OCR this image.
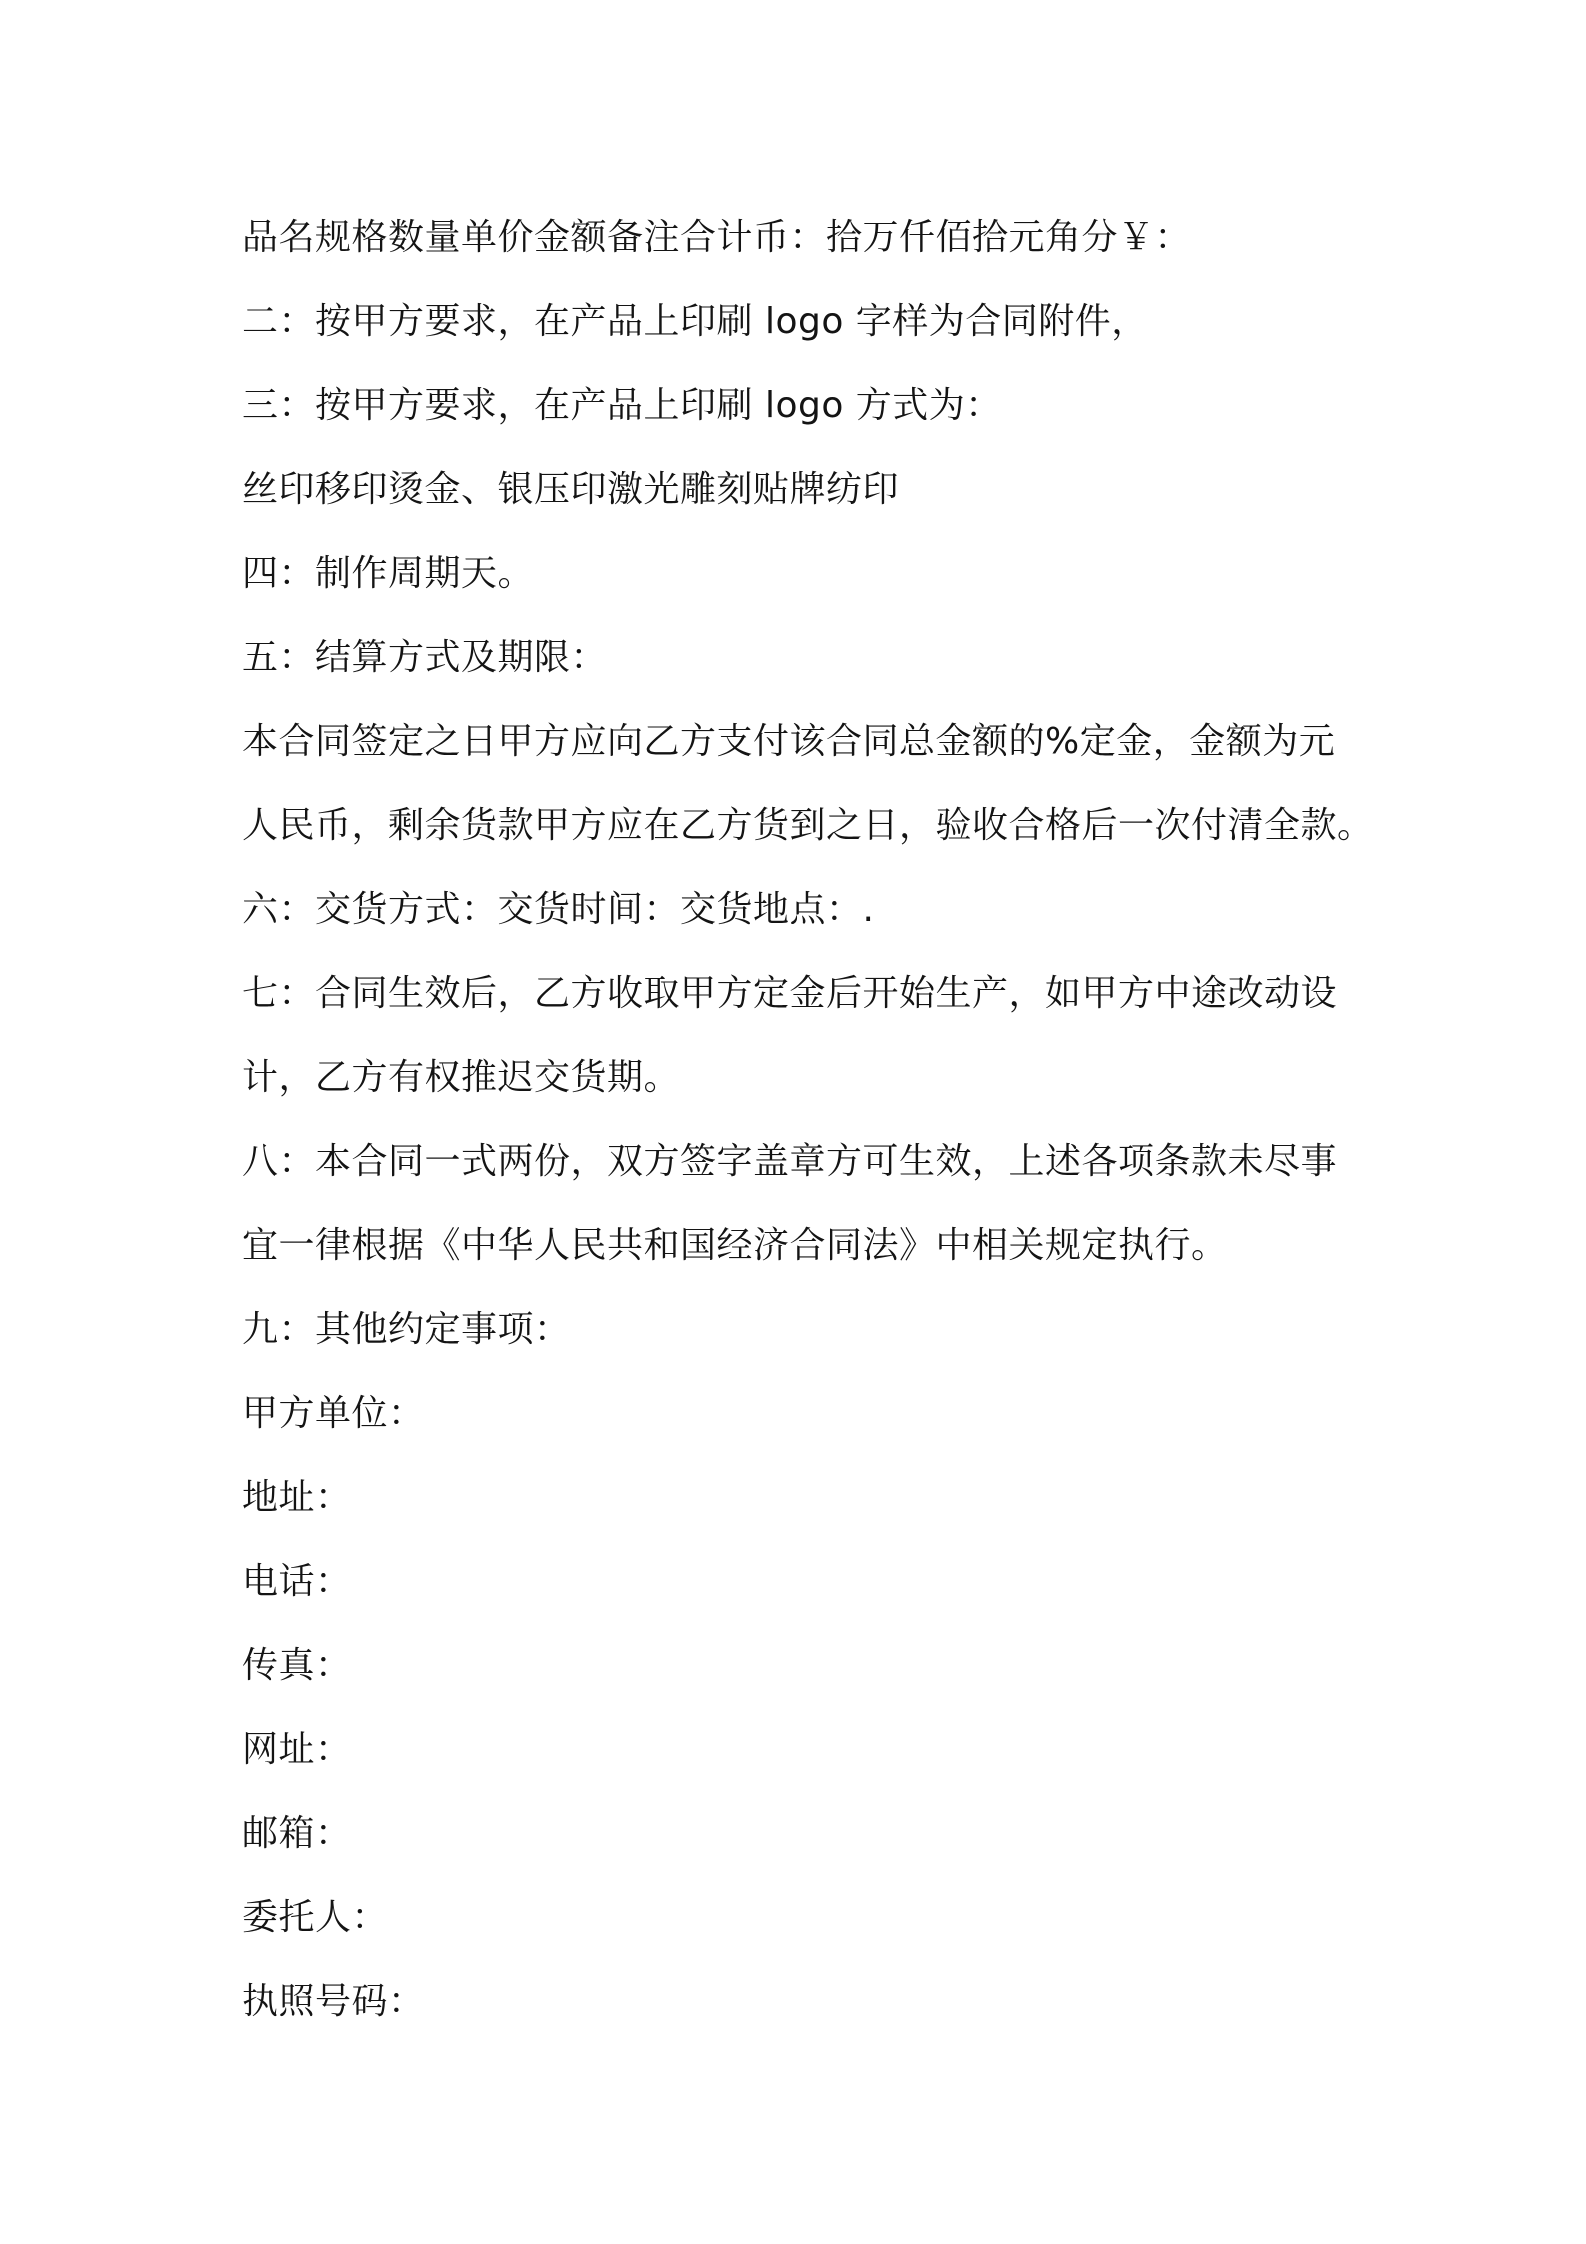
品名规格数量单价金额备注合计币：拾万仟佰拾元角分￥：
二：按甲方要求，在产品上印刷 logo 字样为合同附件，
三：按甲方要求，在产品上印刷 logo 方式为：
丝印移印烫金、银压印激光雕刻贴牌纺印
四：制作周期天。
五：结算方式及期限：
本合同签定之日甲方应向乙方支付该合同总金额的%定金，金额为元
人民币，剩余货款甲方应在乙方货到之日，验收合格后一次付清全款。
六：交货方式：交货时间：交货地点：.
七：合同生效后，乙方收取甲方定金后开始生产，如甲方中途改动设
计，乙方有权推迟交货期。
八：本合同一式两份，双方签字盖章方可生效，上述各项条款未尽事
宜一律根据《中华人民共和国经济合同法》中相关规定执行。
九：其他约定事项：
甲方单位：
地址：
电话：
传真：
网址：
邮箱：
委托人：
执照号码：
